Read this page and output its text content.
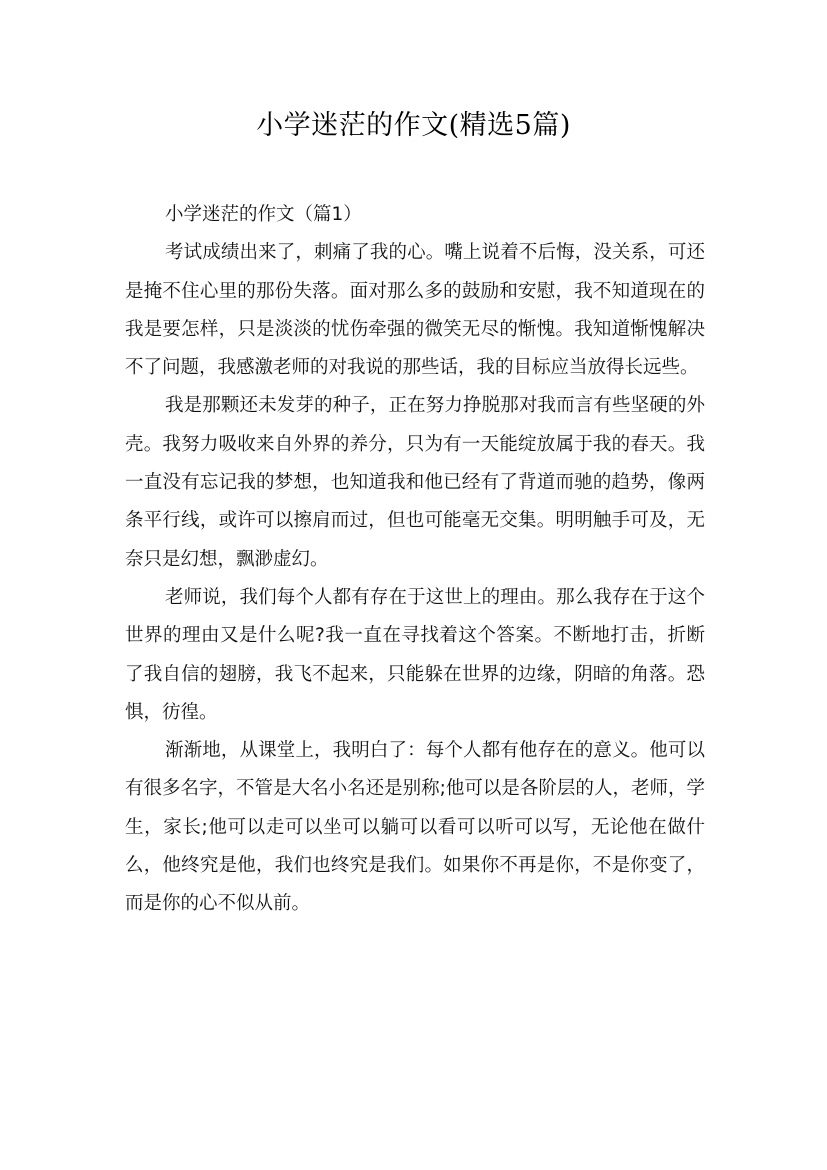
小学迷茫的作文(精选5篇)

小学迷茫的作文（篇1）

考试成绩出来了，刺痛了我的心。嘴上说着不后悔，没关系，可还是掩不住心里的那份失落。面对那么多的鼓励和安慰，我不知道现在的我是要怎样，只是淡淡的忧伤牵强的微笑无尽的惭愧。我知道惭愧解决不了问题，我感激老师的对我说的那些话，我的目标应当放得长远些。

我是那颗还未发芽的种子，正在努力挣脱那对我而言有些坚硬的外壳。我努力吸收来自外界的养分，只为有一天能绽放属于我的春天。我一直没有忘记我的梦想，也知道我和他已经有了背道而驰的趋势，像两条平行线，或许可以擦肩而过，但也可能毫无交集。明明触手可及，无奈只是幻想，飘渺虚幻。

老师说，我们每个人都有存在于这世上的理由。那么我存在于这个世界的理由又是什么呢?我一直在寻找着这个答案。不断地打击，折断了我自信的翅膀，我飞不起来，只能躲在世界的边缘，阴暗的角落。恐惧，彷徨。

渐渐地，从课堂上，我明白了：每个人都有他存在的意义。他可以有很多名字，不管是大名小名还是别称;他可以是各阶层的人，老师，学生，家长;他可以走可以坐可以躺可以看可以听可以写，无论他在做什么，他终究是他，我们也终究是我们。如果你不再是你，不是你变了，而是你的心不似从前。
